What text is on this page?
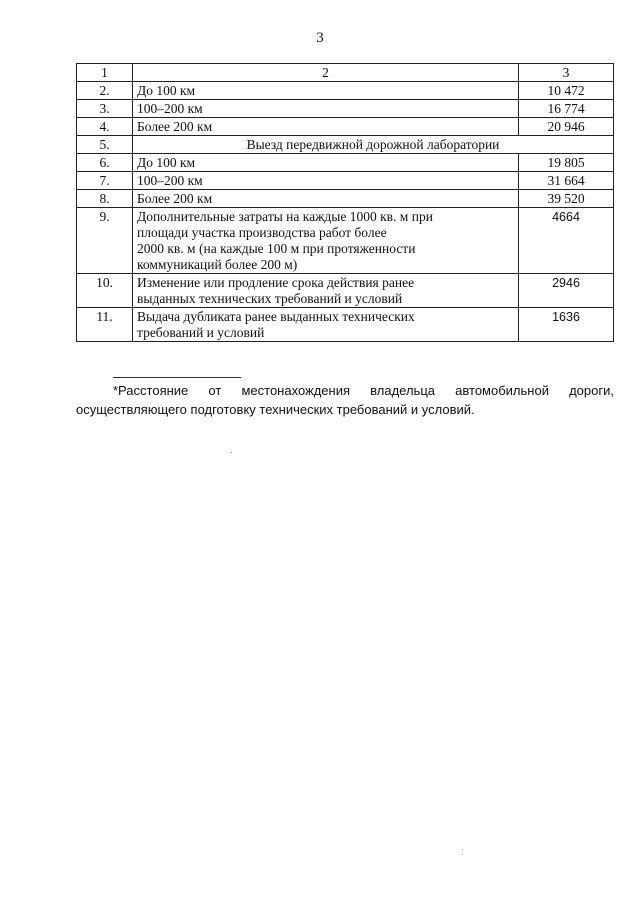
3
1	2	3
2.	До 100 км	10 472
3.	100–200 км	16 774
4.	Более 200 км	20 946
5.	Выезд передвижной дорожной лаборатории	
6.	До 100 км	19 805
7.	100–200 км	31 664
8.	Более 200 км	39 520
9.	Дополнительные затраты на каждые 1000 кв. м при
площади участка производства работ более
2000 кв. м (на каждые 100 м при протяженности
коммуникаций более 200 м)	4664
10.	Изменение или продление срока действия ранее
выданных технических требований и условий	2946
11.	Выдача дубликата ранее выданных технических
требований и условий	1636
*Расстояние от местонахождения владельца автомобильной дороги, осуществляющего подготовку технических требований и условий.
